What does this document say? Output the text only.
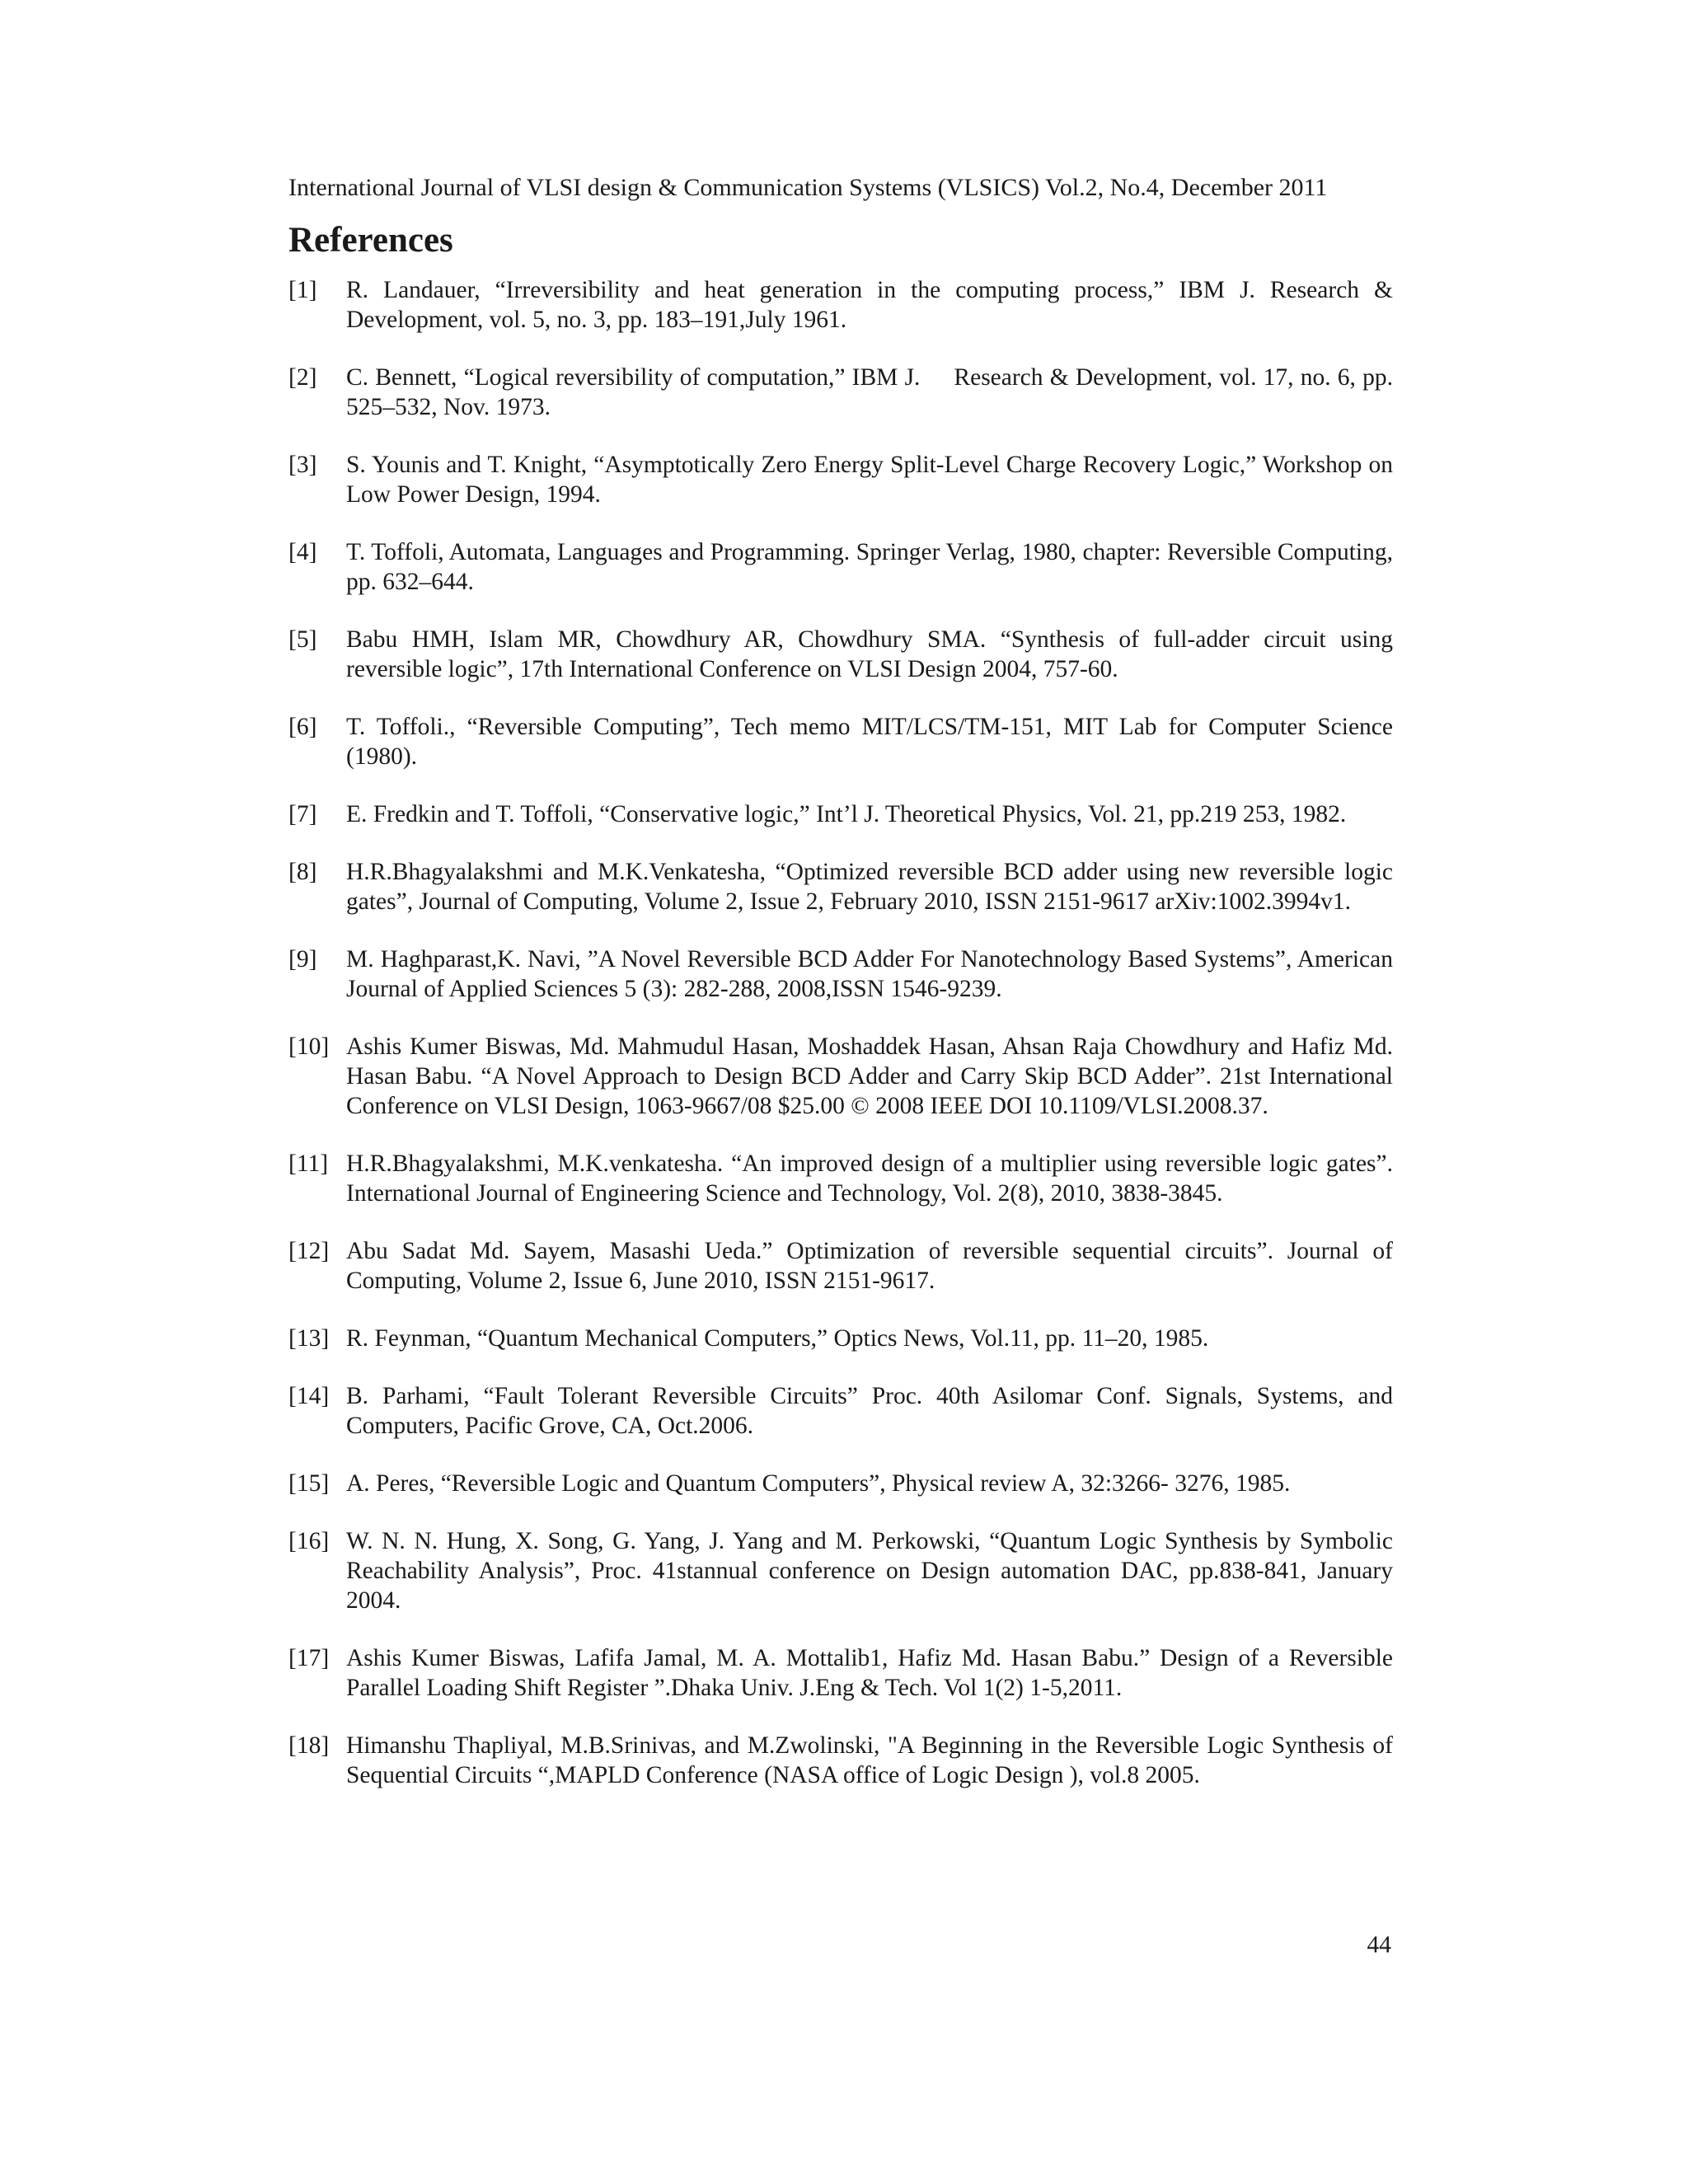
International Journal of VLSI design & Communication Systems (VLSICS) Vol.2, No.4, December 2011
References
[1]	R. Landauer, “Irreversibility and heat generation in the computing process,” IBM J. Research & Development, vol. 5, no. 3, pp. 183–191,July 1961.
[2]	C. Bennett, “Logical reversibility of computation,” IBM J.     Research & Development, vol. 17, no. 6, pp. 525–532, Nov. 1973.
[3]	S. Younis and T. Knight, “Asymptotically Zero Energy Split-Level Charge Recovery Logic,” Workshop on Low Power Design, 1994.
[4]	T. Toffoli, Automata, Languages and Programming. Springer Verlag, 1980, chapter: Reversible Computing, pp. 632–644.
[5]	Babu HMH, Islam MR, Chowdhury AR, Chowdhury SMA. “Synthesis of full-adder circuit using reversible logic”, 17th International Conference on VLSI Design 2004, 757-60.
[6]	T. Toffoli., “Reversible Computing”, Tech memo MIT/LCS/TM-151, MIT Lab for Computer Science (1980).
[7]	E. Fredkin and T. Toffoli, “Conservative logic,” Int’l J. Theoretical Physics, Vol. 21, pp.219 253, 1982.
[8]	H.R.Bhagyalakshmi and M.K.Venkatesha, “Optimized reversible BCD adder using new reversible logic gates”, Journal of Computing, Volume 2, Issue 2, February 2010, ISSN 2151-9617 arXiv:1002.3994v1.
[9]	M. Haghparast,K. Navi, ”A Novel Reversible BCD Adder For Nanotechnology Based Systems”, American Journal of Applied Sciences 5 (3): 282-288, 2008,ISSN 1546-9239.
[10] Ashis Kumer Biswas, Md. Mahmudul Hasan, Moshaddek Hasan, Ahsan Raja Chowdhury and Hafiz Md. Hasan Babu. “A Novel Approach to Design BCD Adder and Carry Skip BCD Adder”. 21st International Conference on VLSI Design, 1063-9667/08 $25.00 © 2008 IEEE DOI 10.1109/VLSI.2008.37.
[11] H.R.Bhagyalakshmi, M.K.venkatesha. “An improved design of a multiplier using reversible logic gates”. International Journal of Engineering Science and Technology, Vol. 2(8), 2010, 3838-3845.
[12] Abu Sadat Md. Sayem, Masashi Ueda.” Optimization of reversible sequential circuits”. Journal of Computing, Volume 2, Issue 6, June 2010, ISSN 2151-9617.
[13] R. Feynman, “Quantum Mechanical Computers,” Optics News, Vol.11, pp. 11–20, 1985.
[14] B. Parhami, “Fault Tolerant Reversible Circuits” Proc. 40th Asilomar Conf. Signals, Systems, and Computers, Pacific Grove, CA, Oct.2006.
[15] A. Peres, “Reversible Logic and Quantum Computers”, Physical review A, 32:3266- 3276, 1985.
[16] W. N. N. Hung, X. Song, G. Yang, J. Yang and M. Perkowski, “Quantum Logic Synthesis by Symbolic Reachability Analysis”, Proc. 41stannual conference on Design automation DAC, pp.838-841, January 2004.
[17] Ashis Kumer Biswas, Lafifa Jamal, M. A. Mottalib1, Hafiz Md. Hasan Babu.” Design of a Reversible Parallel Loading Shift Register ”.Dhaka Univ. J.Eng & Tech. Vol 1(2) 1-5,2011.
[18] Himanshu Thapliyal, M.B.Srinivas, and M.Zwolinski, "A Beginning in the Reversible Logic Synthesis of Sequential Circuits “,MAPLD Conference (NASA office of Logic Design ), vol.8 2005.
44
